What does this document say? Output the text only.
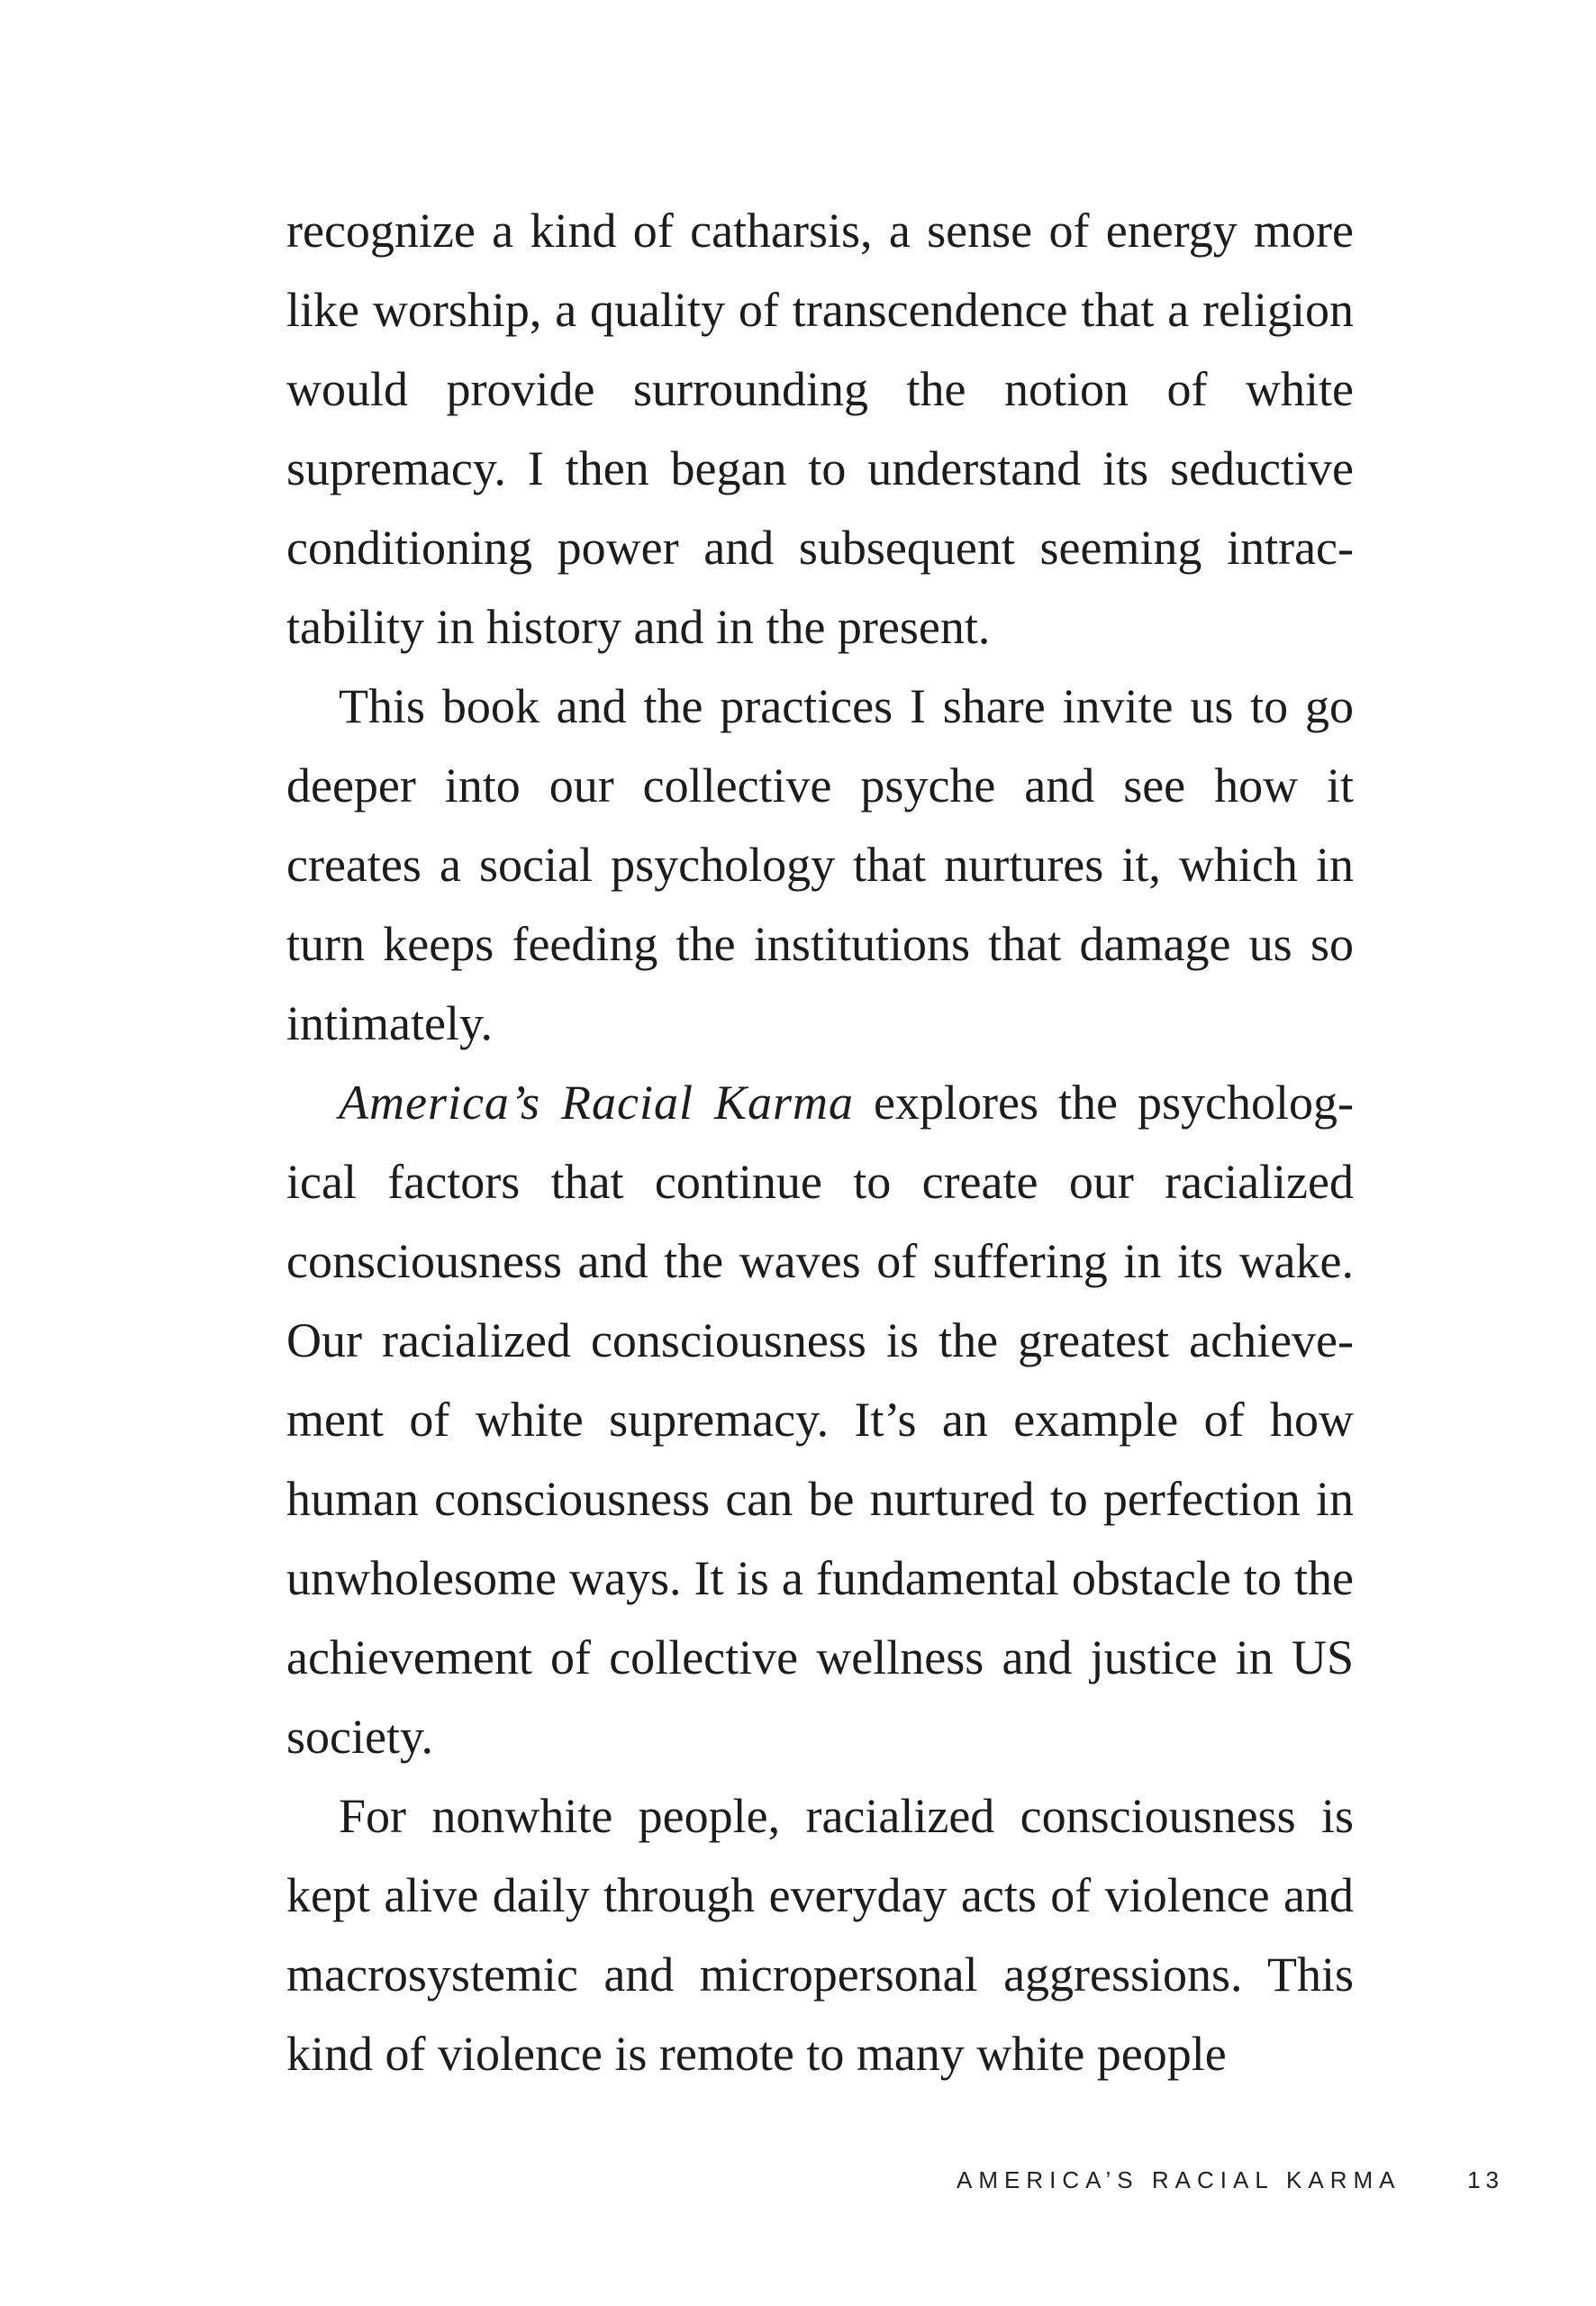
recognize a kind of catharsis, a sense of energy more like worship, a quality of transcendence that a religion would provide surrounding the notion of white supremacy. I then began to understand its seductive conditioning power and subsequent seeming intractability in history and in the present.

This book and the practices I share invite us to go deeper into our collective psyche and see how it creates a social psychology that nurtures it, which in turn keeps feeding the institutions that damage us so intimately.

America’s Racial Karma explores the psychological factors that continue to create our racialized consciousness and the waves of suffering in its wake. Our racialized consciousness is the greatest achievement of white supremacy. It’s an example of how human consciousness can be nurtured to perfection in unwholesome ways. It is a fundamental obstacle to the achievement of collective wellness and justice in US society.

For nonwhite people, racialized consciousness is kept alive daily through everyday acts of violence and macrosystemic and micropersonal aggressions. This kind of violence is remote to many white people

AMERICA’S RACIAL KARMA	13
